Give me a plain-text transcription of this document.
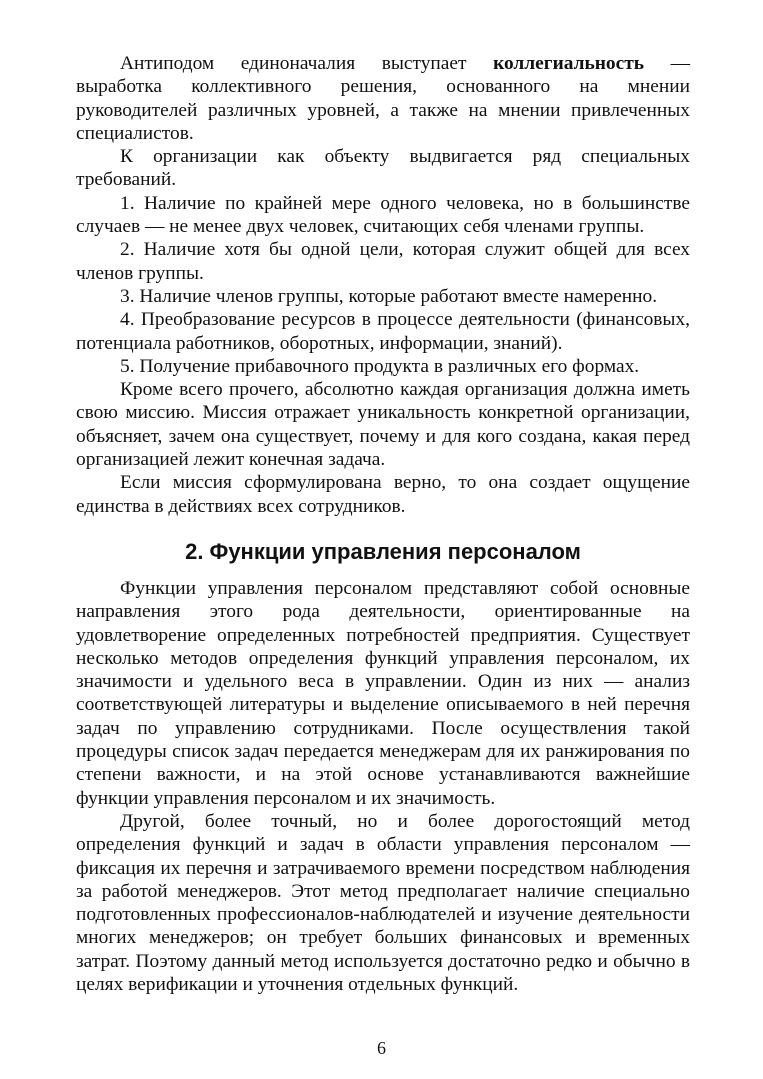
Антиподом единоначалия выступает коллегиальность — выработка коллективного решения, основанного на мнении руководителей различных уровней, а также на мнении привлеченных специалистов.

К организации как объекту выдвигается ряд специальных требований.

1. Наличие по крайней мере одного человека, но в большинстве случаев — не менее двух человек, считающих себя членами группы.

2. Наличие хотя бы одной цели, которая служит общей для всех членов группы.

3. Наличие членов группы, которые работают вместе намеренно.

4. Преобразование ресурсов в процессе деятельности (финансовых, потенциала работников, оборотных, информации, знаний).

5. Получение прибавочного продукта в различных его формах.

Кроме всего прочего, абсолютно каждая организация должна иметь свою миссию. Миссия отражает уникальность конкретной организации, объясняет, зачем она существует, почему и для кого создана, какая перед организацией лежит конечная задача.

Если миссия сформулирована верно, то она создает ощущение единства в действиях всех сотрудников.

2. Функции управления персоналом

Функции управления персоналом представляют собой основные направления этого рода деятельности, ориентированные на удовлетворение определенных потребностей предприятия. Существует несколько методов определения функций управления персоналом, их значимости и удельного веса в управлении. Один из них — анализ соответствующей литературы и выделение описываемого в ней перечня задач по управлению сотрудниками. После осуществления такой процедуры список задач передается менеджерам для их ранжирования по степени важности, и на этой основе устанавливаются важнейшие функции управления персоналом и их значимость.

Другой, более точный, но и более дорогостоящий метод определения функций и задач в области управления персоналом — фиксация их перечня и затрачиваемого времени посредством наблюдения за работой менеджеров. Этот метод предполагает наличие специально подготовленных профессионалов-наблюдателей и изучение деятельности многих менеджеров; он требует больших финансовых и временных затрат. Поэтому данный метод используется достаточно редко и обычно в целях верификации и уточнения отдельных функций.

6
